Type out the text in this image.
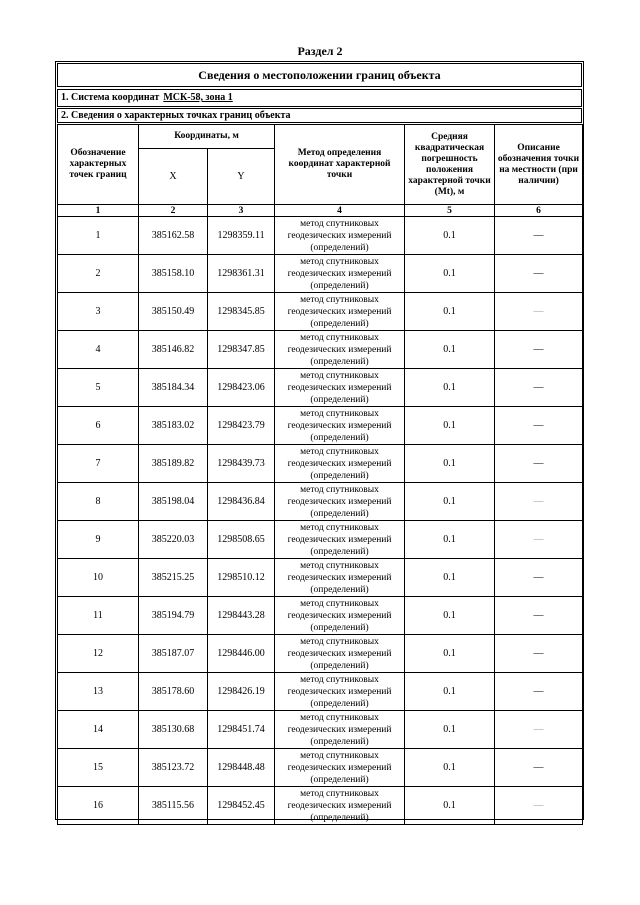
Раздел 2
Сведения о местоположении границ объекта
1. Система координат МСК-58, зона 1
2. Сведения о характерных точках границ объекта
Обозначение характерных точек границ	Координаты, м		Метод определения координат характерной точки	Средняя квадратическая погрешность положения характерной точки (Mt), м	Описание обозначения точки на местности (при наличии)
	X	Y			
1	2	3	4	5	6
1	385162.58	1298359.11	метод спутниковых геодезических измерений (определений)	0.1	—
2	385158.10	1298361.31	метод спутниковых геодезических измерений (определений)	0.1	—
3	385150.49	1298345.85	метод спутниковых геодезических измерений (определений)	0.1	—
4	385146.82	1298347.85	метод спутниковых геодезических измерений (определений)	0.1	—
5	385184.34	1298423.06	метод спутниковых геодезических измерений (определений)	0.1	—
6	385183.02	1298423.79	метод спутниковых геодезических измерений (определений)	0.1	—
7	385189.82	1298439.73	метод спутниковых геодезических измерений (определений)	0.1	—
8	385198.04	1298436.84	метод спутниковых геодезических измерений (определений)	0.1	—
9	385220.03	1298508.65	метод спутниковых геодезических измерений (определений)	0.1	—
10	385215.25	1298510.12	метод спутниковых геодезических измерений (определений)	0.1	—
11	385194.79	1298443.28	метод спутниковых геодезических измерений (определений)	0.1	—
12	385187.07	1298446.00	метод спутниковых геодезических измерений (определений)	0.1	—
13	385178.60	1298426.19	метод спутниковых геодезических измерений (определений)	0.1	—
14	385130.68	1298451.74	метод спутниковых геодезических измерений (определений)	0.1	—
15	385123.72	1298448.48	метод спутниковых геодезических измерений (определений)	0.1	—
16	385115.56	1298452.45	метод спутниковых геодезических измерений (определений)	0.1	—
